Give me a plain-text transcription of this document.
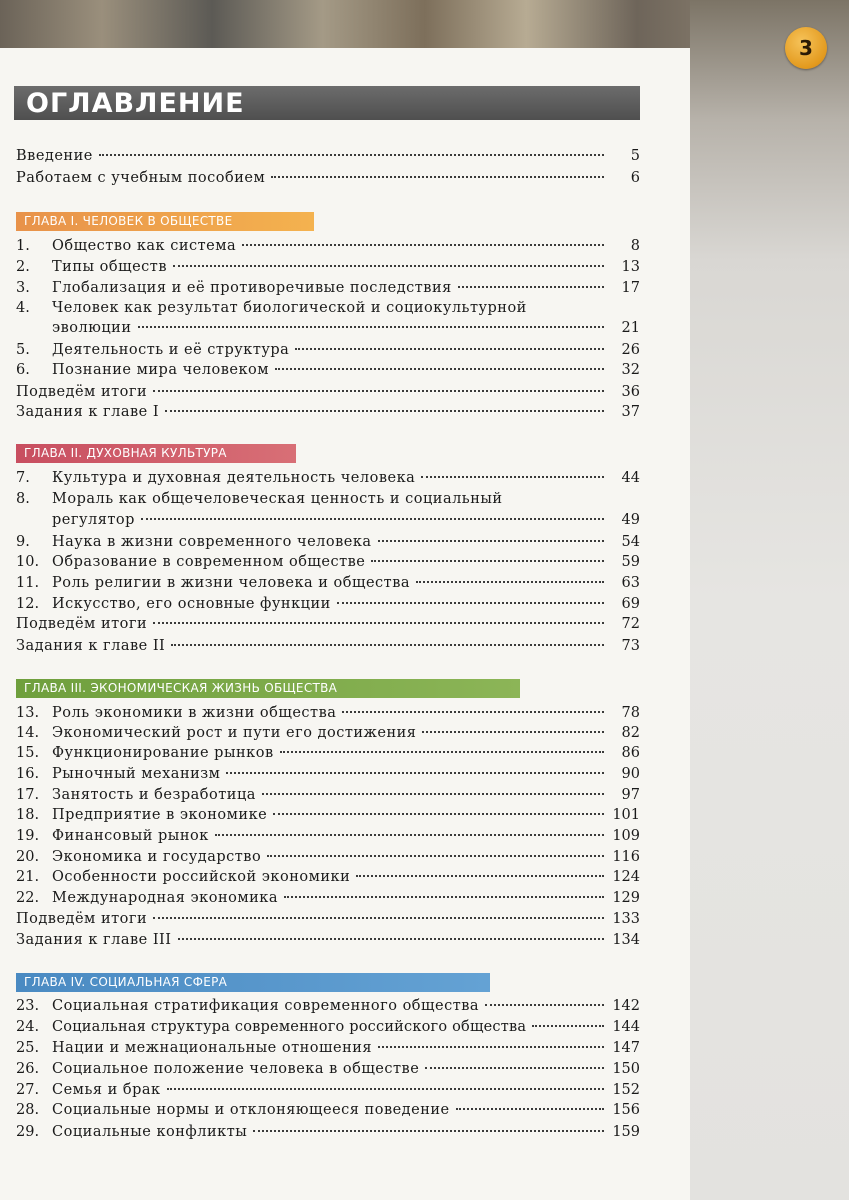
3
ОГЛАВЛЕНИЕ
Введение	5
Работаем с учебным пособием	6
ГЛАВА I. ЧЕЛОВЕК В ОБЩЕСТВЕ
1.	Общество как система	8
2.	Типы обществ	13
3.	Глобализация и её противоречивые последствия	17
4.	Человек как результат биологической и социокультурной
эволюции	21
5.	Деятельность и её структура	26
6.	Познание мира человеком	32
Подведём итоги	36
Задания к главе I	37
ГЛАВА II. ДУХОВНАЯ КУЛЬТУРА
7.	Культура и духовная деятельность человека	44
8.	Мораль как общечеловеческая ценность и социальный
регулятор	49
9.	Наука в жизни современного человека	54
10. Образование в современном обществе	59
11. Роль религии в жизни человека и общества	63
12. Искусство, его основные функции	69
Подведём итоги	72
Задания к главе II	73
ГЛАВА III. ЭКОНОМИЧЕСКАЯ ЖИЗНЬ ОБЩЕСТВА
13. Роль экономики в жизни общества	78
14. Экономический рост и пути его достижения	82
15. Функционирование рынков	86
16. Рыночный механизм	90
17. Занятость и безработица	97
18. Предприятие в экономике	101
19. Финансовый рынок	109
20. Экономика и государство	116
21. Особенности российской экономики	124
22. Международная экономика	129
Подведём итоги	133
Задания к главе III	134
ГЛАВА IV. СОЦИАЛЬНАЯ СФЕРА
23. Социальная стратификация современного общества	142
24. Социальная структура современного российского общества	144
25. Нации и межнациональные отношения	147
26. Социальное положение человека в обществе	150
27. Семья и брак	152
28. Социальные нормы и отклоняющееся поведение	156
29. Социальные конфликты	159
